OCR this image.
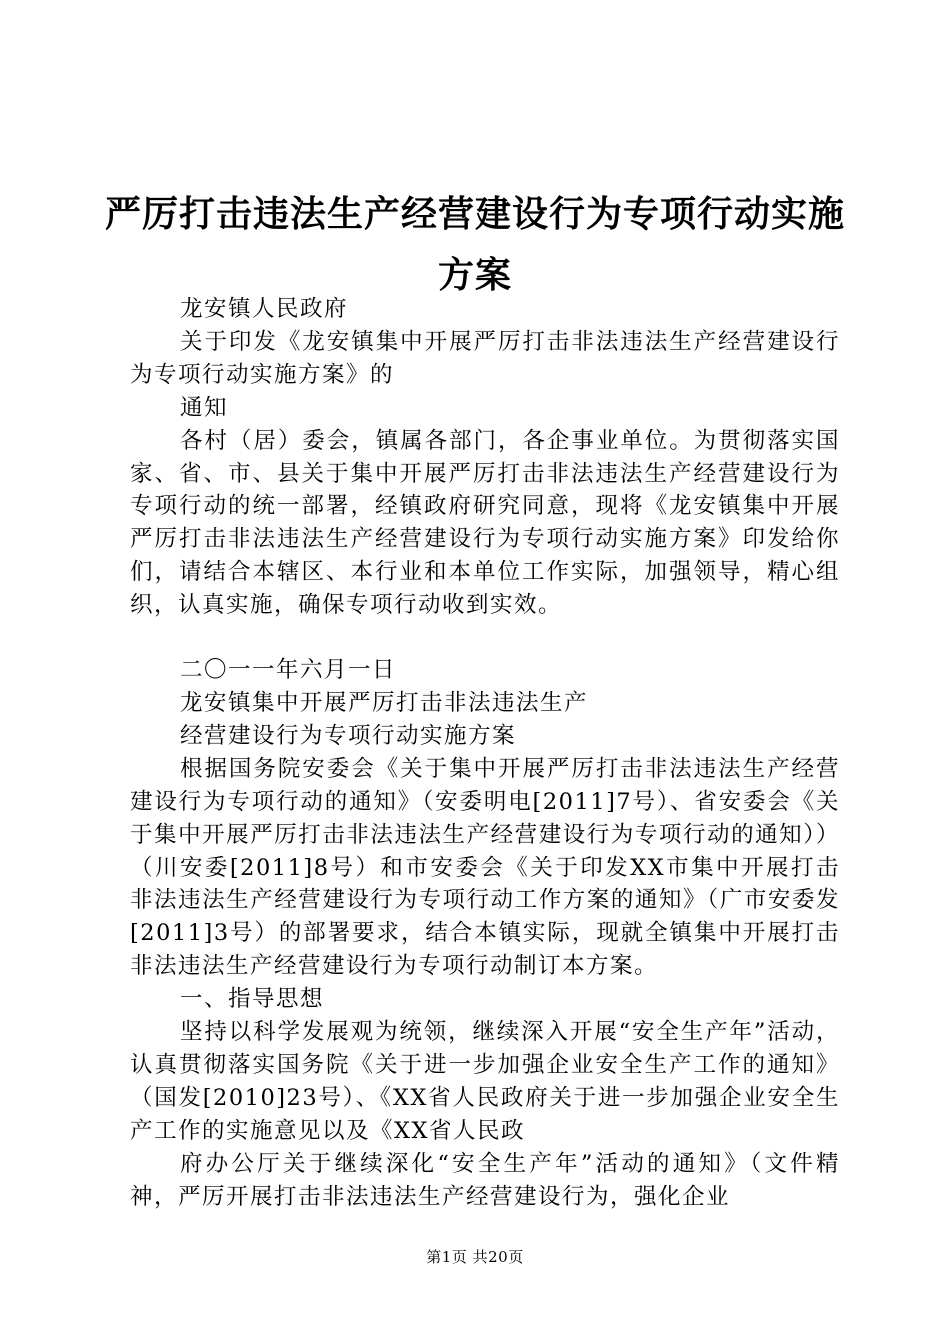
严厉打击违法生产经营建设行为专项行动实施
方案

龙安镇人民政府

关于印发《龙安镇集中开展严厉打击非法违法生产经营建设行为专项行动实施方案》的

通知

各村（居）委会，镇属各部门，各企事业单位。为贯彻落实国家、省、市、县关于集中开展严厉打击非法违法生产经营建设行为专项行动的统一部署，经镇政府研究同意，现将《龙安镇集中开展严厉打击非法违法生产经营建设行为专项行动实施方案》印发给你们，请结合本辖区、本行业和本单位工作实际，加强领导，精心组织，认真实施，确保专项行动收到实效。

二〇一一年六月一日

龙安镇集中开展严厉打击非法违法生产

经营建设行为专项行动实施方案

根据国务院安委会《关于集中开展严厉打击非法违法生产经营建设行为专项行动的通知》（安委明电[2011]7号）、省安委会《关于集中开展严厉打击非法违法生产经营建设行为专项行动的通知））（川安委[2011]8号）和市安委会《关于印发XX市集中开展打击非法违法生产经营建设行为专项行动工作方案的通知》（广市安委发[2011]3号）的部署要求，结合本镇实际，现就全镇集中开展打击非法违法生产经营建设行为专项行动制订本方案。

一、指导思想

坚持以科学发展观为统领，继续深入开展“安全生产年”活动，认真贯彻落实国务院《关于进一步加强企业安全生产工作的通知》（国发[2010]23号）、《XX省人民政府关于进一步加强企业安全生产工作的实施意见以及《XX省人民政

府办公厅关于继续深化“安全生产年”活动的通知》（文件精神，严厉开展打击非法违法生产经营建设行为，强化企业

第1页 共20页
